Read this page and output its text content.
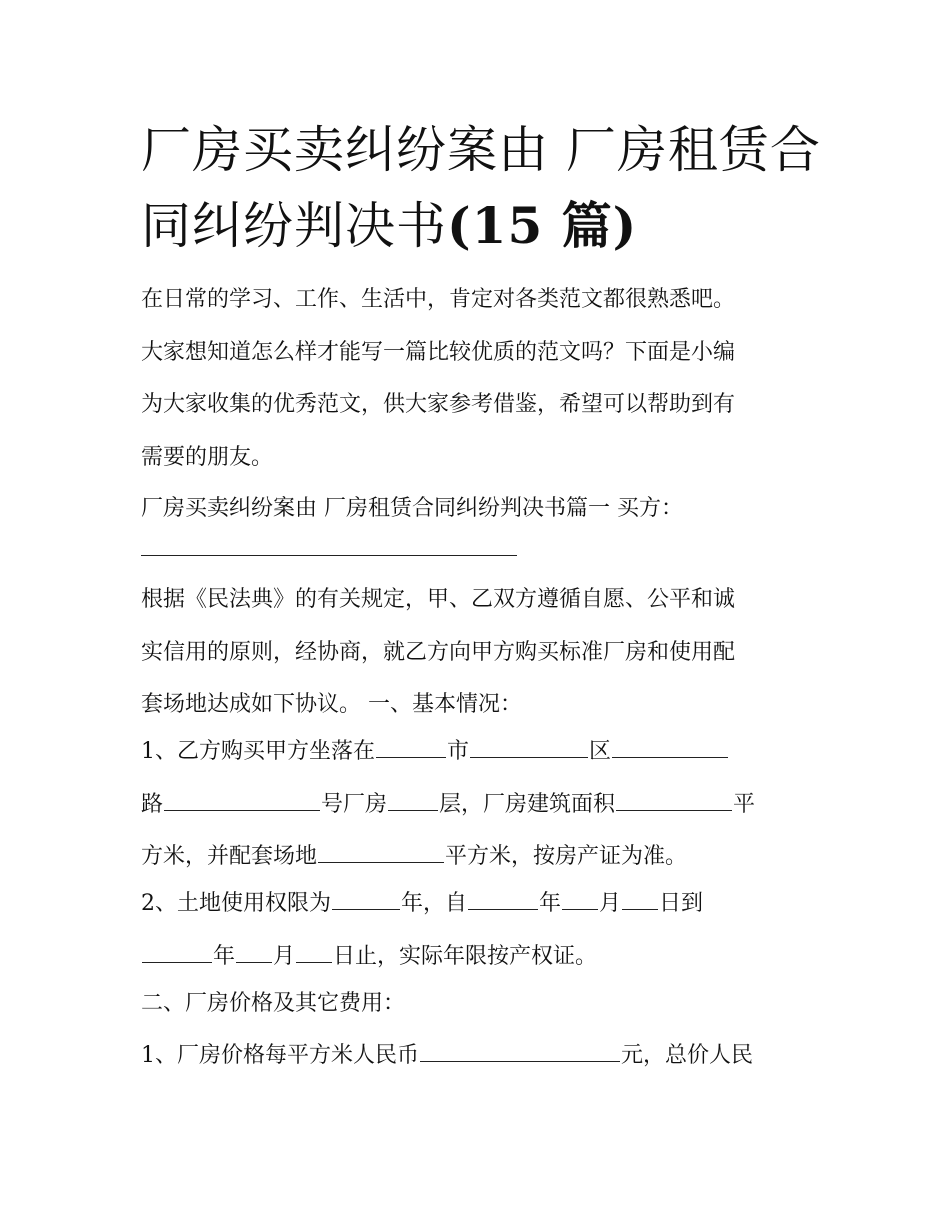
厂房买卖纠纷案由 厂房租赁合
同纠纷判决书(15 篇)

在日常的学习、工作、生活中，肯定对各类范文都很熟悉吧。
大家想知道怎么样才能写一篇比较优质的范文吗？下面是小编
为大家收集的优秀范文，供大家参考借鉴，希望可以帮助到有
需要的朋友。

厂房买卖纠纷案由 厂房租赁合同纠纷判决书篇一 买方：

根据《民法典》的有关规定，甲、乙双方遵循自愿、公平和诚
实信用的原则，经协商，就乙方向甲方购买标准厂房和使用配
套场地达成如下协议。 一、基本情况：

1、乙方购买甲方坐落在	市	区
路	号厂房 层，厂房建筑面积	平
方米，并配套场地	平方米，按房产证为准。

2、土地使用权限为	年，自	年 月 日到
年 月 日止，实际年限按产权证。

二、厂房价格及其它费用：

1、厂房价格每平方米人民币	元，总价人民
